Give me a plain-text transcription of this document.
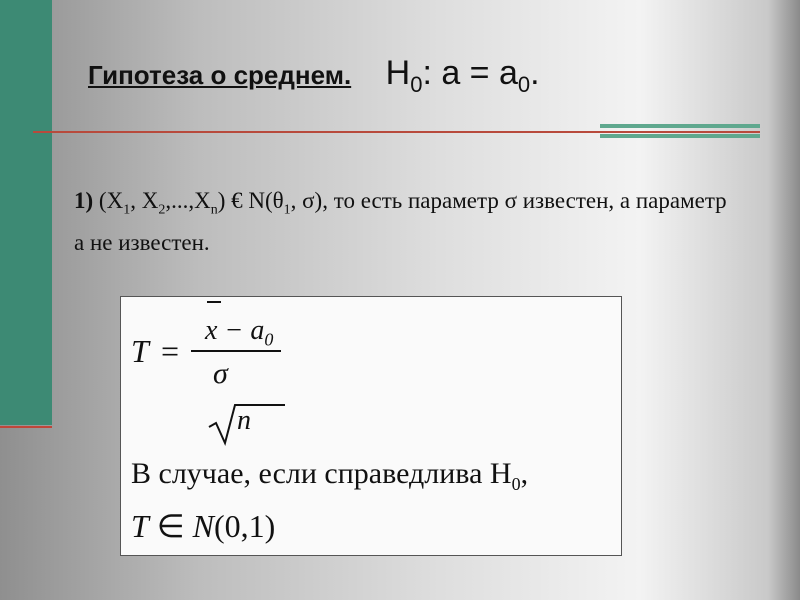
Гипотеза о среднем. $H_0$: $a = a_0$.
1) ($X_1$, $X_2,...,X_n$) € $N(\theta_1$, σ), то есть параметр σ известен, а параметр а не известен.
T =
$x - a_0$
σ
n
В случае, если справедлива $H_0$,
T ∈ N(0,1)
